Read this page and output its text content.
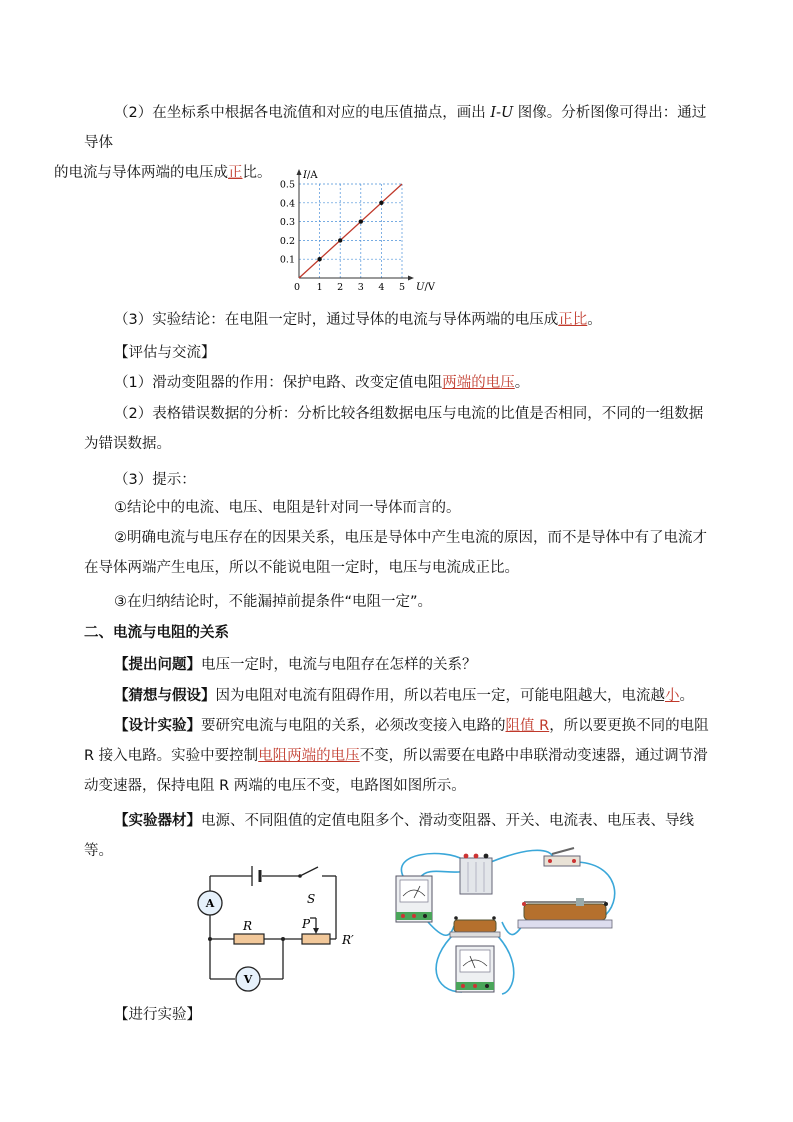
（2）在坐标系中根据各电流值和对应的电压值描点，画出 I-U 图像。分析图像可得出：通过导体
的电流与导体两端的电压成正比。	I/A
U/V
0
0.1
0.2
0.3
0.4
0.5
1 2 3 4 5
（3）实验结论：在电阻一定时，通过导体的电流与导体两端的电压成正比。
【评估与交流】
（1）滑动变阻器的作用：保护电路、改变定值电阻两端的电压。
（2）表格错误数据的分析：分析比较各组数据电压与电流的比值是否相同，不同的一组数据为错误数据。
（3）提示：
①结论中的电流、电压、电阻是针对同一导体而言的。
②明确电流与电压存在的因果关系，电压是导体中产生电流的原因，而不是导体中有了电流才在导体两端产生电压，所以不能说电阻一定时，电压与电流成正比。
③在归纳结论时，不能漏掉前提条件“电阻一定”。
二、电流与电阻的关系
【提出问题】电压一定时，电流与电阻存在怎样的关系？
【猜想与假设】因为电阻对电流有阻碍作用，所以若电压一定，可能电阻越大，电流越小。
【设计实验】要研究电流与电阻的关系，必须改变接入电路的阻值 R，所以要更换不同的电阻 R 接入电路。实验中要控制电阻两端的电压不变，所以需要在电路中串联滑动变速器，通过调节滑动变速器，保持电阻 R 两端的电压不变，电路图如图所示。
【实验器材】电源、不同阻值的定值电阻多个、滑动变阻器、开关、电流表、电压表、导线等。
A
V
R
S
P
R′
【进行实验】
